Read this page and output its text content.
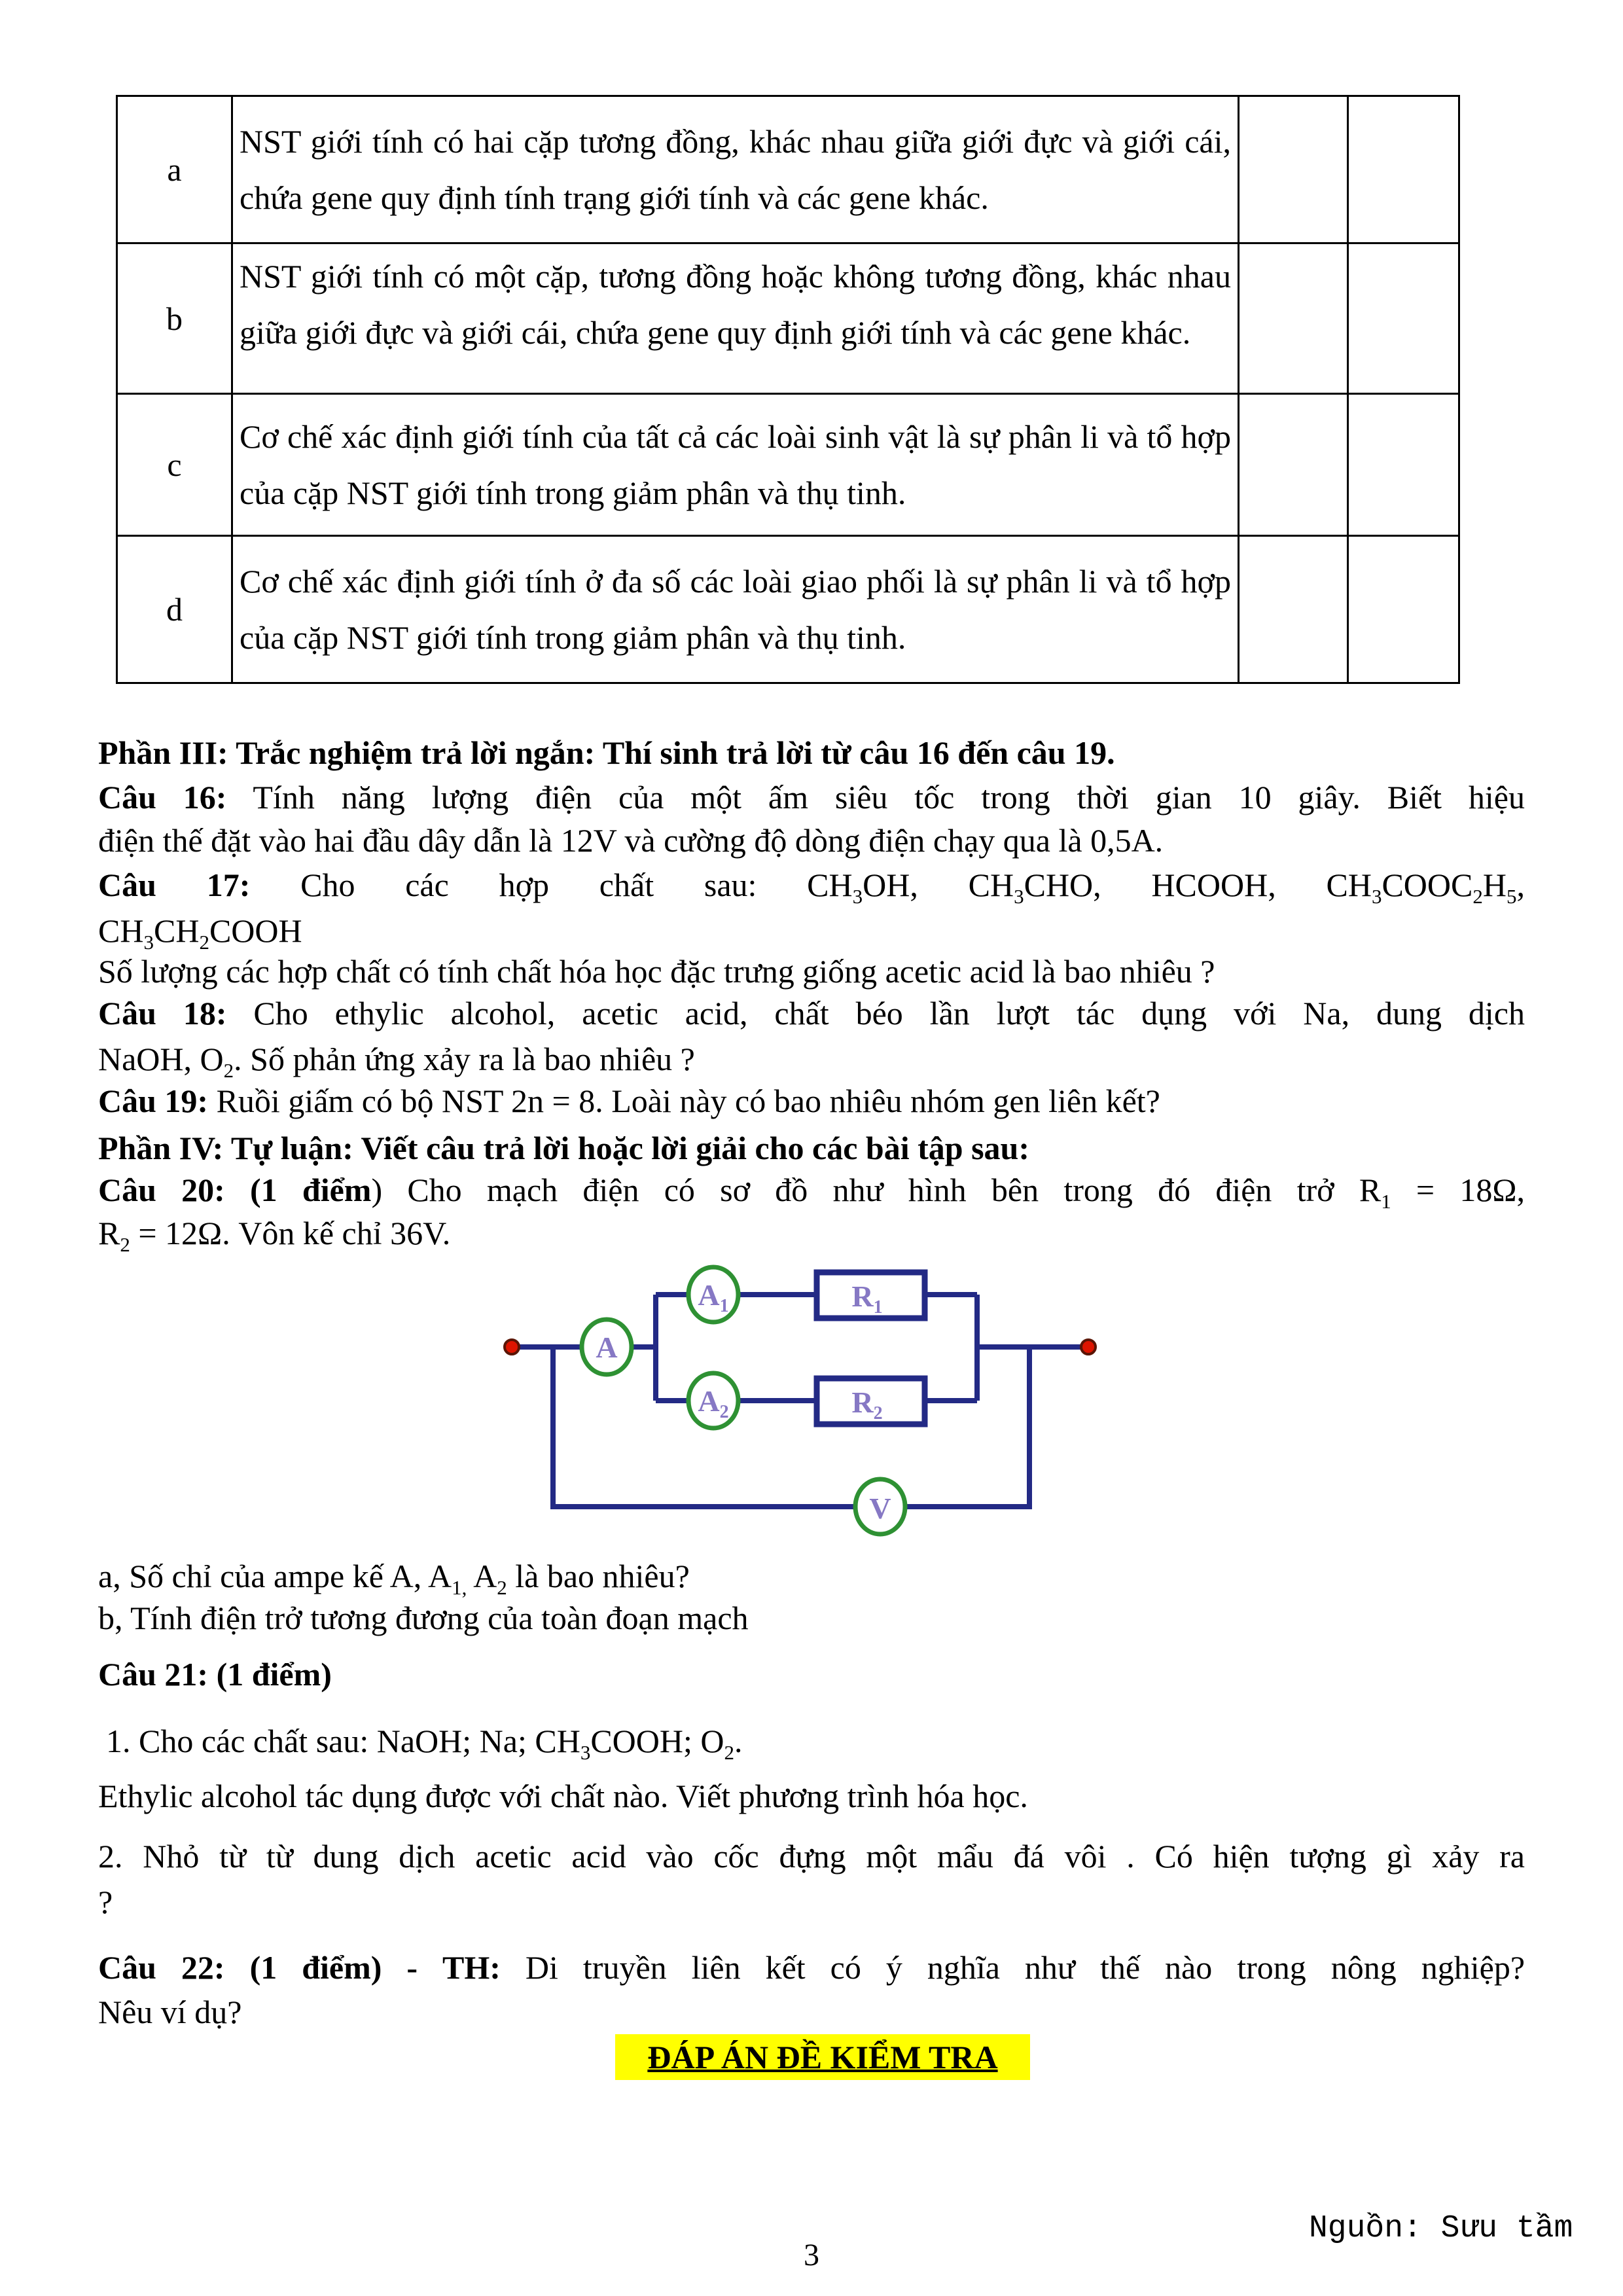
a	NST giới tính có hai cặp tương đồng, khác nhau giữa giới đực và giới cái, chứa gene quy định tính trạng giới tính và các gene khác.		

b	NST giới tính có một cặp, tương đồng hoặc không tương đồng, khác nhau giữa giới đực và giới cái, chứa gene quy định giới tính và các gene khác.		

c	Cơ chế xác định giới tính của tất cả các loài sinh vật là sự phân li và tổ hợp của cặp NST giới tính trong giảm phân và thụ tinh.		

d	Cơ chế xác định giới tính ở đa số các loài giao phối là sự phân li và tổ hợp của cặp NST giới tính trong giảm phân và thụ tinh.		

Phần III: Trắc nghiệm trả lời ngắn: Thí sinh trả lời từ câu 16 đến câu 19.
Câu 16: Tính năng lượng điện của một ấm siêu tốc trong thời gian 10 giây. Biết hiệu
điện thế đặt vào hai đầu dây dẫn là 12V và cường độ dòng điện chạy qua là 0,5A.
Câu 17: Cho các hợp chất sau: $CH_3OH$, $CH_3CHO$, HCOOH, $CH_3COOC_2H_5$,
$CH_3CH_2COOH$
Số lượng các hợp chất có tính chất hóa học đặc trưng giống acetic acid là bao nhiêu ?
Câu 18: Cho ethylic alcohol, acetic acid, chất béo lần lượt tác dụng với Na, dung dịch
NaOH, $O_2$. Số phản ứng xảy ra là bao nhiêu ?
Câu 19: Ruồi giấm có bộ NST 2n = 8. Loài này có bao nhiêu nhóm gen liên kết?
Phần IV: Tự luận: Viết câu trả lời hoặc lời giải cho các bài tập sau:
Câu 20: (1 điểm) Cho mạch điện có sơ đồ như hình bên trong đó điện trở $R_1 = 18\Omega$,
$R_2 = 12\Omega$. Vôn kế chỉ 36V.
A
$A_1$
$A_2$
$R_1$
$R_2$
V
a, Số chỉ của ampe kế A, $A_{1,}$ $A_2$ là bao nhiêu?
b, Tính điện trở tương đương của toàn đoạn mạch
Câu 21: (1 điểm)
1. Cho các chất sau: NaOH; Na; $CH_3COOH$; $O_2$.
Ethylic alcohol tác dụng được với chất nào. Viết phương trình hóa học.
2. Nhỏ từ từ dung dịch acetic acid vào cốc đựng một mẩu đá vôi . Có hiện tượng gì xảy ra
?
Câu 22: (1 điểm) - TH: Di truyền liên kết có ý nghĩa như thế nào trong nông nghiệp?
Nêu ví dụ?
ĐÁP ÁN ĐỀ KIỂM TRA
Nguồn: Sưu tầm
3
